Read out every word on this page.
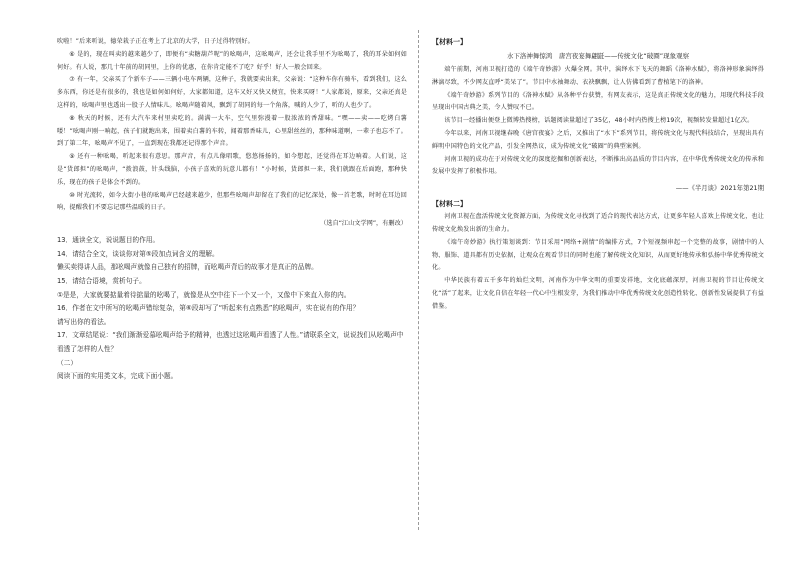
吹啦！”后来听说，德荣栽子正在考上了北京的大学，日子过得特别好。

⑥ 是的，现在叫卖的越来越少了，即便有“卖糖葫芦呢”的吆喝声，这吆喝声，还会让我手里不为吆喝了，我的耳朵如何如何好。有人说，那几十年前的胡同里，上你的优惠，在你肯定能不了吃？好乎！好人一般会回来。

⑦ 有一年，父亲买了个新车子——三辆小电车两辆，这种子，我就要卖出来，父亲说：“这种车你有骑车，看到我们，这么多东西，你还是有很多的，我也是如何如何好，大家都知道，这车又好又快又便宜，快来买呀！”人家都说，原来，父亲还真是这样的，吆喝声里也透出一股子人情味儿。吆喝声随着风，飘到了胡同的每一个角落，喊的人少了，听的人也少了。

⑧ 秋天的时候，还有大汽车来村里卖吃的。满满一大车，空气里弥漫着一股浓浓的香甜味。“嘿——卖——吃烤白薯喽！”吆喝声刚一响起，孩子们就跑出来，围着卖白薯的车转，闻着那香味儿，心里甜丝丝的，那种味道啊，一辈子也忘不了。到了第二年，吆喝声不见了，一直到现在我都还记得那个声音。

⑨ 还有一种吆喝，听起来很有意思。那声音，有点儿像唱歌，悠悠扬扬的，如今想起，还觉得在耳边响着。人们说，这是“货郎担”的吆喝声，“拨浪鼓，针头线脑，小孩子喜欢的玩意儿都有！”小时候，货郎担一来，我们就跟在后面跑，那种快乐，现在的孩子是体会不到的。

⑩ 时光流转，如今大街小巷的吆喝声已经越来越少，但那些吆喝声却留在了我们的记忆深处，像一首老歌，时时在耳边回响，提醒我们不要忘记那些温暖的日子。

（选自“江山文学网”，有删改）

13．通读全文，说说题目的作用。

14．请结合全文，谈谈你对第⑤段加点词含义的理解。

懒买卖得讲人品，那吆喝声就像自己独有的招牌，而吆喝声背后的故事才是真正的品牌。

15．请结合语境，赏析句子。

①是是，大家就要掂量着待掂量的吆喝了，就像是从空中往下一个又一个，又像中下来直入你的内。

16．作者在文中所写的吆喝声错综复杂，第⑥段却写了“听起来有点熟悉”的吆喝声，实在说有的作用？

请写出你的看法。

17．文章结尾说：“我们渐渐爱慕吆喝声给予的精神，也透过这吆喝声看透了人性。”请联系全文，说说找们从吆喝声中看透了怎样的人性？

（二）

阅读下面的实用类文本，完成下面小题。

【材料一】

水下洛神舞惊鸿　唐宫夜宴舞翩跹——传统文化“破圈”现象观察

端午前期，河南卫视打造的《端午奇妙游》火爆全网。其中，演绎水下飞天的舞蹈《洛神水赋》，将洛神形象演绎得淋漓尽致，不少网友直呼“美呆了”。节目中水袖舞动、衣袂飘飘，让人仿佛看到了曹植笔下的洛神。

《端午奇妙游》系列节目的《洛神水赋》从各种平台获赞，有网友表示，这是真正传统文化的魅力，用现代科技手段呈现出中国古典之美，令人赞叹不已。

该节目一经播出便登上微博热搜榜，话题阅读量超过了35亿，48小时内热搜上榜19次，视频转发量超过1亿次。

今年以来，河南卫视继春晚《唐宫夜宴》之后，又推出了“水下”系列节目，将传统文化与现代科技结合，呈现出具有鲜明中国特色的文化产品，引发全网热议，成为传统文化“破圈”的典型案例。

河南卫视的成功在于对传统文化的深度挖掘和创新表达，不断推出高品质的节目内容，在中华优秀传统文化的传承和发展中发挥了积极作用。

——《半月谈》2021年第21期

【材料二】

河南卫视在盘活传统文化资源方面，为传统文化寻找到了适合的现代表达方式，让更多年轻人喜欢上传统文化，也让传统文化焕发出新的生命力。

《端午奇妙游》执行策划谈到：节目采用“网络+剧情”的编排方式，7个短视频串起一个完整的故事，剧情中的人物、服饰、道具都有历史依据，让观众在观看节目的同时也能了解传统文化知识，从而更好地传承和弘扬中华优秀传统文化。

中华民族有着五千多年的灿烂文明，河南作为中华文明的重要发祥地，文化底蕴深厚，河南卫视的节目让传统文化“活”了起来，让文化自信在年轻一代心中生根发芽，为我们推动中华优秀传统文化创造性转化、创新性发展提供了有益借鉴。
